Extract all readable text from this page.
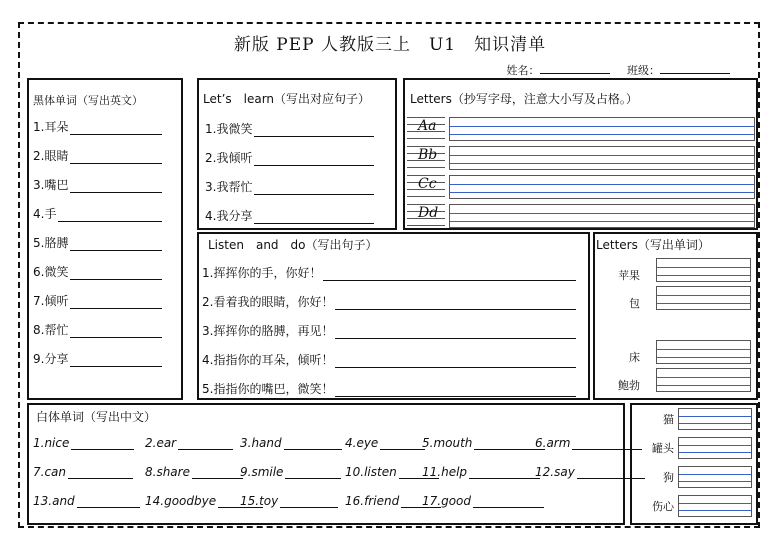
新版 PEP 人教版三上　U1　知识清单
姓名：	班级：
黑体单词（写出英文）	Let’s　learn（写出对应句子）	Letters（抄写字母，注意大小写及占格。）
Listen　and　do（写出句子）	Letters（写出单词）
白体单词（写出中文）
1.耳朵
2.眼睛
3.嘴巴
4.手
5.胳膊
6.微笑
7.倾听
8.帮忙
9.分享
1.我微笑
2.我倾听
3.我帮忙
4.我分享
Aa
Bb
Cc
Dd
1.挥挥你的手，你好！
2.看着我的眼睛，你好！
3.挥挥你的胳膊，再见！
4.指指你的耳朵，倾听！
5.指指你的嘴巴，微笑！
苹果
包
床
鲍勃
1.nice	2.ear	3.hand	4.eye	5.mouth	6.arm
7.can	8.share	9.smile	10.listen 11.help	12.say
13.and	14.goodbye 15.toy	16.friend 17.good
猫
罐头
狗
伤心
